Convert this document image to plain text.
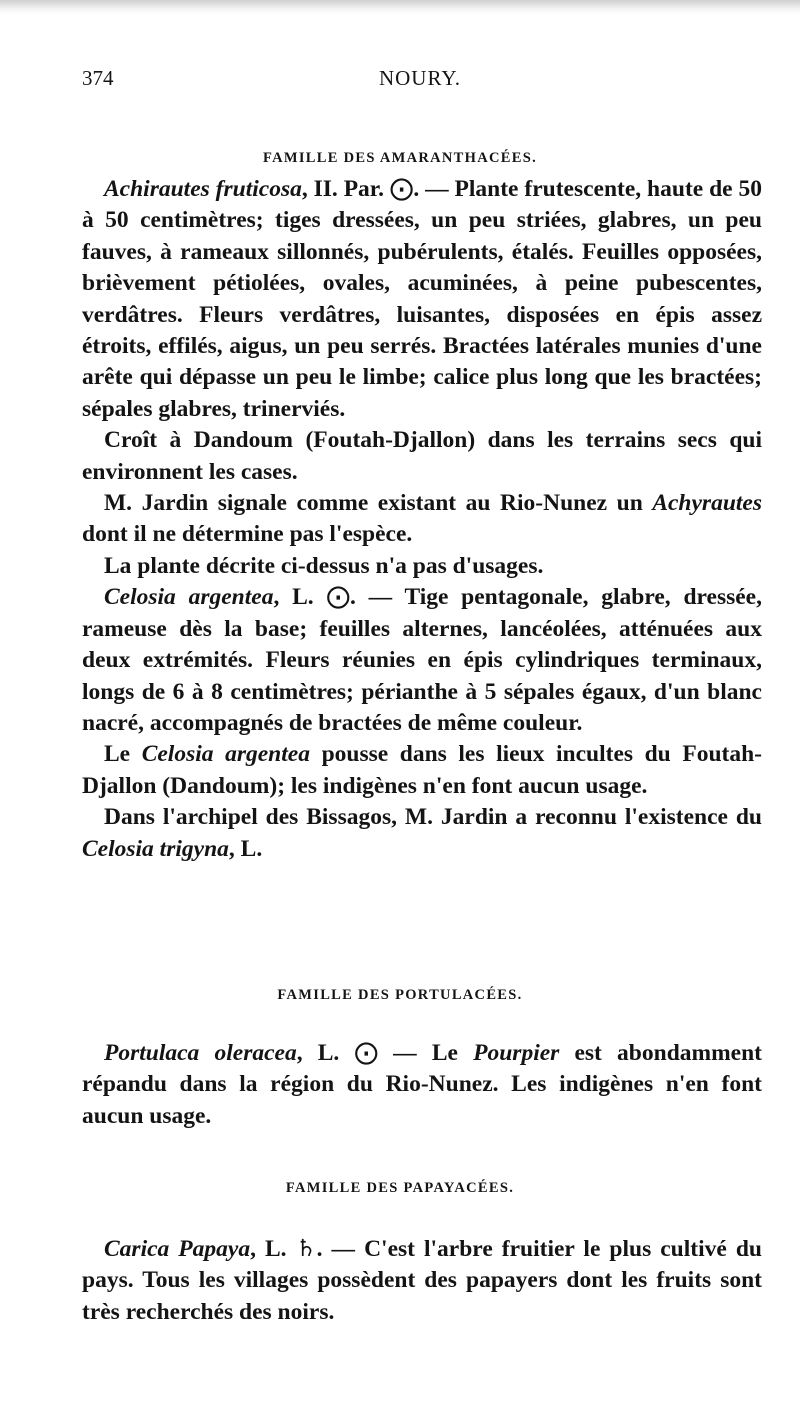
374	NOURY.
FAMILLE DES AMARANTHACÉES.

Achirautes fruticosa, II. Par. ⨀. — Plante frutescente, haute de 50 à 50 centimètres; tiges dressées, un peu striées, glabres, un peu fauves, à rameaux sillonnés, pubérulents, étalés. Feuilles opposées, brièvement pétiolées, ovales, acuminées, à peine pubescentes, verdâtres. Fleurs verdâtres, luisantes, disposées en épis assez étroits, effilés, aigus, un peu serrés. Bractées latérales munies d'une arête qui dépasse un peu le limbe; calice plus long que les bractées; sépales glabres, trinerviés.

Croît à Dandoum (Foutah-Djallon) dans les terrains secs qui environnent les cases.

M. Jardin signale comme existant au Rio-Nunez un Achyrautes dont il ne détermine pas l'espèce.

La plante décrite ci-dessus n'a pas d'usages.

Celosia argentea, L. ⨀. — Tige pentagonale, glabre, dressée, rameuse dès la base; feuilles alternes, lancéolées, atténuées aux deux extrémités. Fleurs réunies en épis cylindriques terminaux, longs de 6 à 8 centimètres; périanthe à 5 sépales égaux, d'un blanc nacré, accompagnés de bractées de même couleur.

Le Celosia argentea pousse dans les lieux incultes du Foutah-Djallon (Dandoum); les indigènes n'en font aucun usage.

Dans l'archipel des Bissagos, M. Jardin a reconnu l'existence du Celosia trigyna, L.

FAMILLE DES PORTULACÉES.

Portulaca oleracea, L. ⨀ — Le Pourpier est abondamment répandu dans la région du Rio-Nunez. Les indigènes n'en font aucun usage.

FAMILLE DES PAPAYACÉES.

Carica Papaya, L. ♄. — C'est l'arbre fruitier le plus cultivé du pays. Tous les villages possèdent des papayers dont les fruits sont très recherchés des noirs.
